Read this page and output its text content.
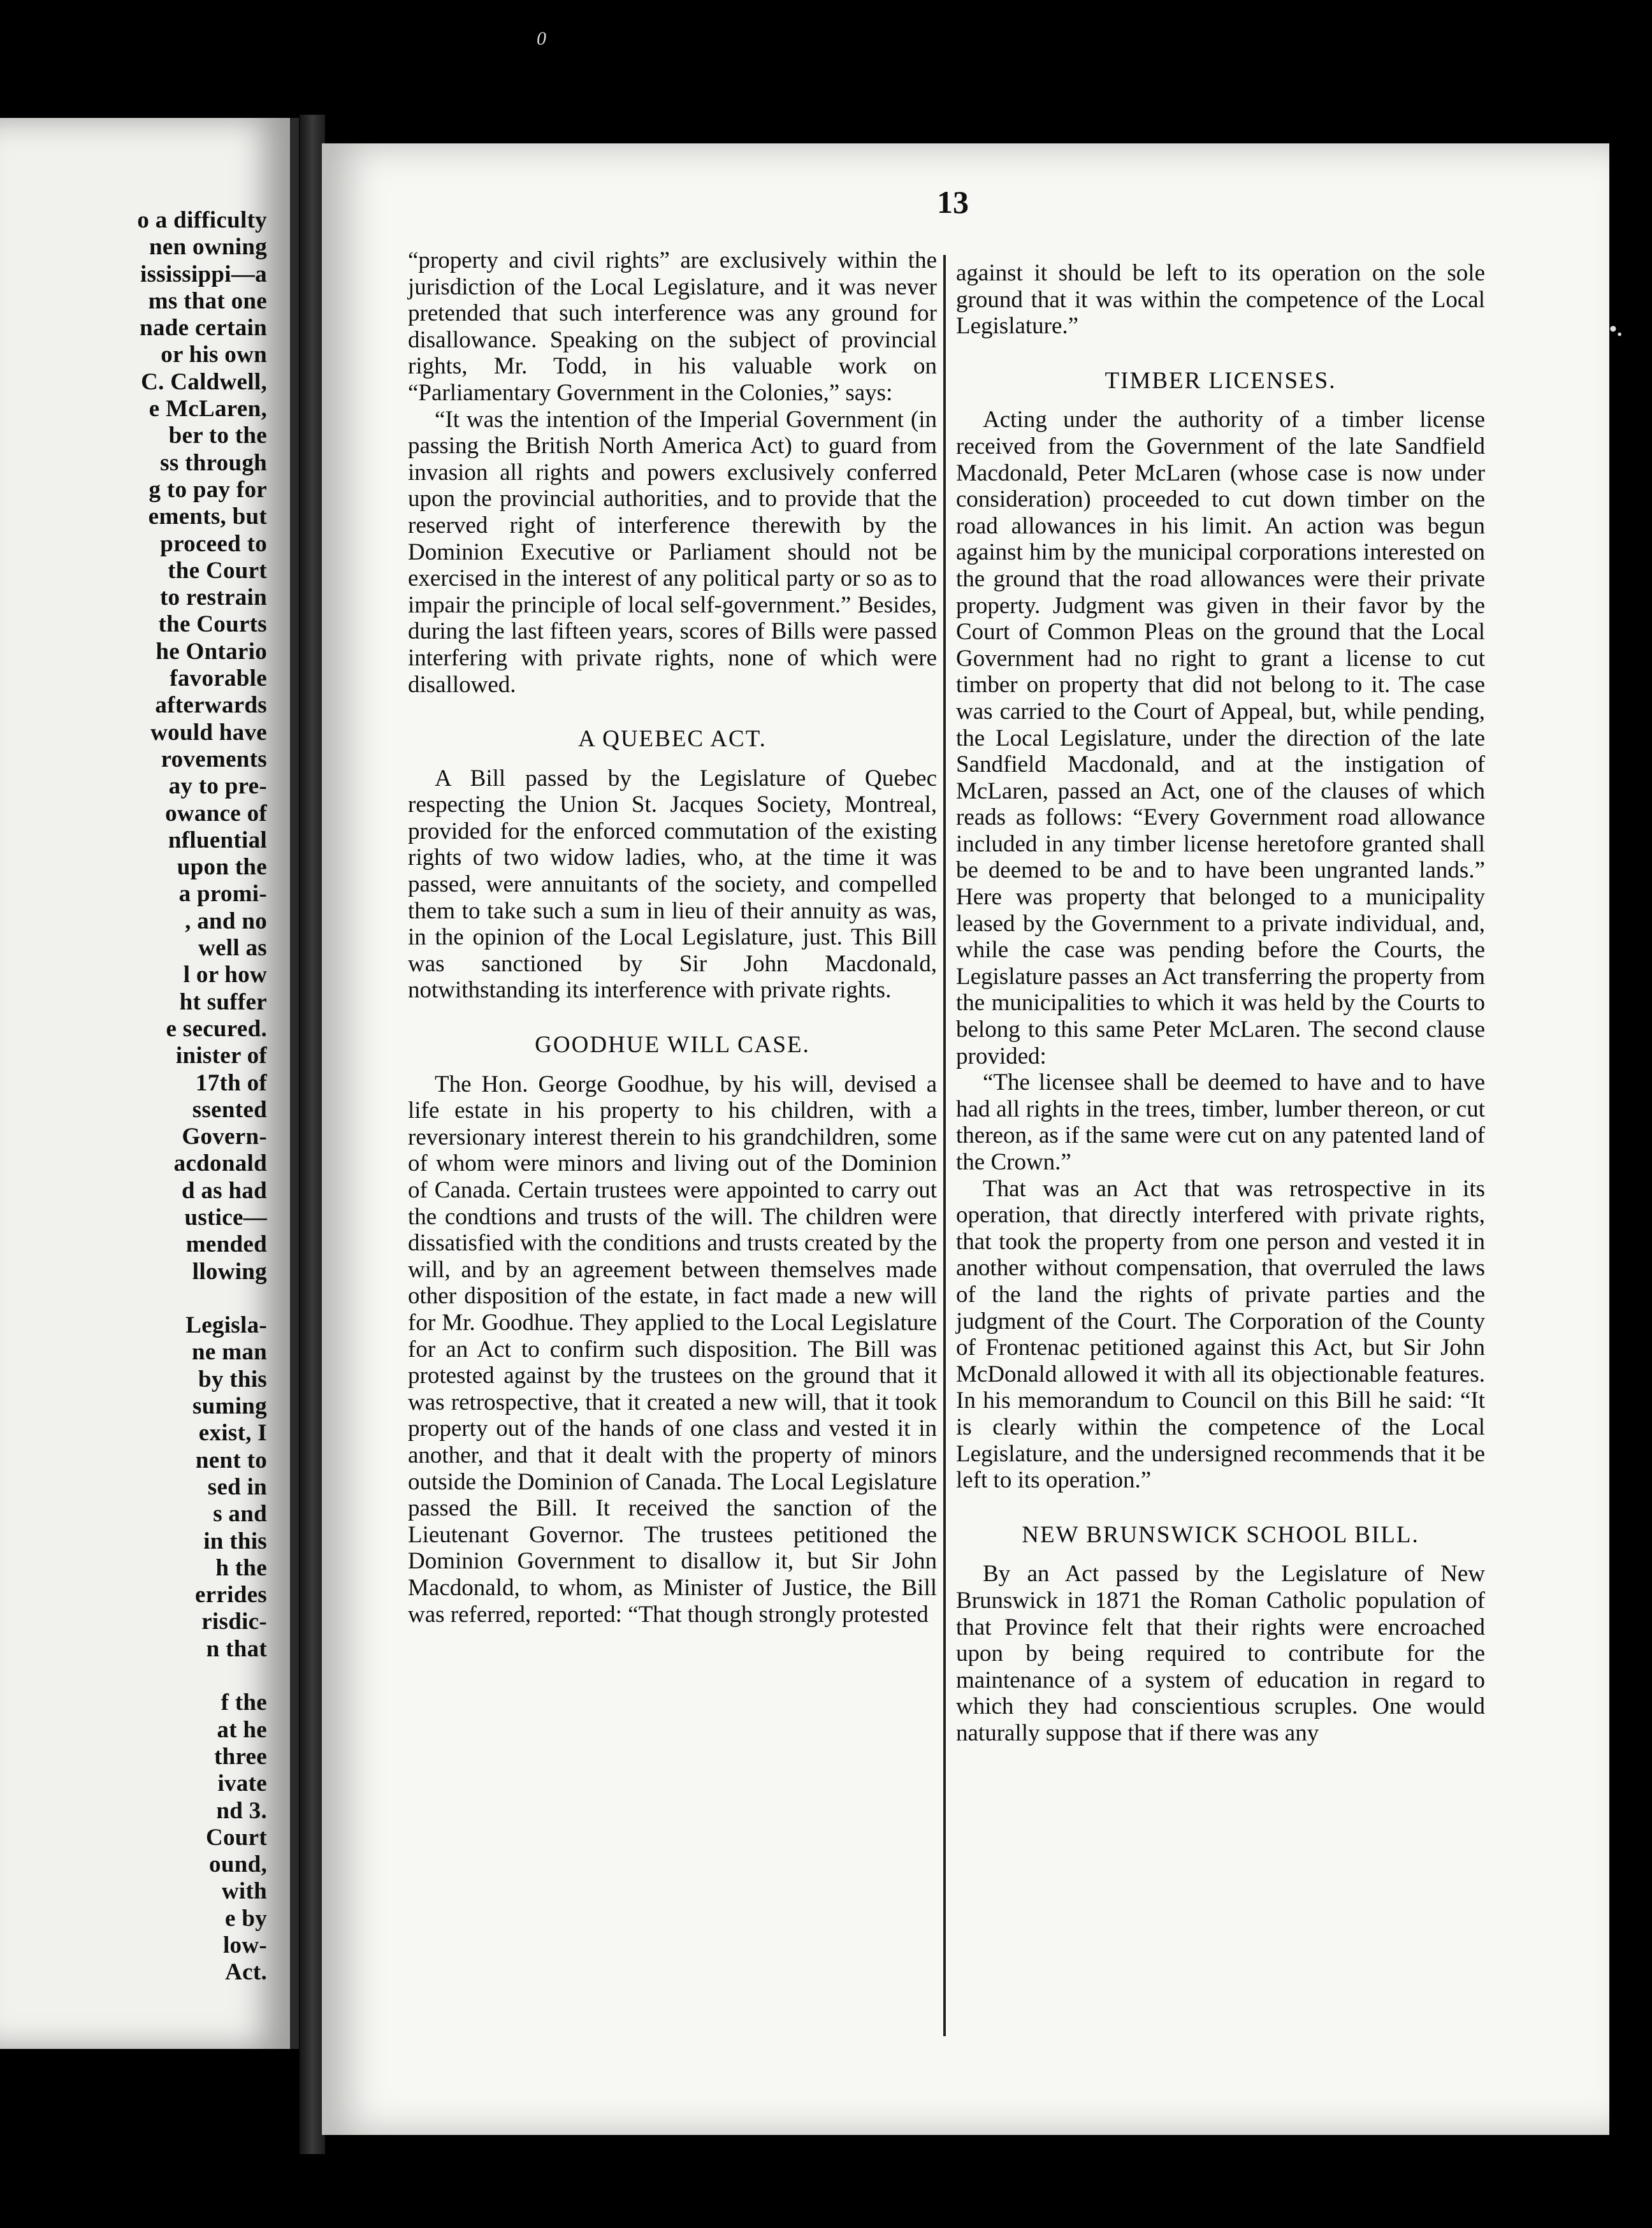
0
•.
o a difficulty
nen owning
ississippi—a
ms that one
nade certain
or his own
C. Caldwell,
e McLaren,
ber to the
ss through
g to pay for
ements, but
proceed to
the Court
to restrain
the Courts
he Ontario
favorable
afterwards
would have
rovements
ay to pre-
owance of
nfluential
upon the
a promi-
, and no
well as
l or how
ht suffer
e secured.
inister of
17th of
ssented
Govern-
acdonald
d as had
ustice—
mended
llowing

Legisla-
ne man
by this
suming
exist, I
nent to
sed in
s and
in this
h the
errides
risdic-
n that

f the
at he
three
ivate
nd 3.
Court
ound,
with
e by
low-
Act.
13

“property and civil rights” are exclusively within the jurisdiction of the Local Legislature, and it was never pretended that such interference was any ground for disallowance. Speaking on the subject of provincial rights, Mr. Todd, in his valuable work on “Parliamentary Government in the Colonies,” says:

“It was the intention of the Imperial Government (in passing the British North America Act) to guard from invasion all rights and powers exclusively conferred upon the provincial authorities, and to provide that the reserved right of interference therewith by the Dominion Executive or Parliament should not be exercised in the interest of any political party or so as to impair the principle of local self-government.” Besides, during the last fifteen years, scores of Bills were passed interfering with private rights, none of which were disallowed.

A QUEBEC ACT.

A Bill passed by the Legislature of Quebec respecting the Union St. Jacques Society, Montreal, provided for the enforced commutation of the existing rights of two widow ladies, who, at the time it was passed, were annuitants of the society, and compelled them to take such a sum in lieu of their annuity as was, in the opinion of the Local Legislature, just. This Bill was sanctioned by Sir John Macdonald, notwithstanding its interference with private rights.

GOODHUE WILL CASE.

The Hon. George Goodhue, by his will, devised a life estate in his property to his children, with a reversionary interest therein to his grandchildren, some of whom were minors and living out of the Dominion of Canada. Certain trustees were appointed to carry out the condtions and trusts of the will. The children were dissatisfied with the conditions and trusts created by the will, and by an agreement between themselves made other disposition of the estate, in fact made a new will for Mr. Goodhue. They applied to the Local Legislature for an Act to confirm such disposition. The Bill was protested against by the trustees on the ground that it was retrospective, that it created a new will, that it took property out of the hands of one class and vested it in another, and that it dealt with the property of minors outside the Dominion of Canada. The Local Legislature passed the Bill. It received the sanction of the Lieutenant Governor. The trustees petitioned the Dominion Government to disallow it, but Sir John Macdonald, to whom, as Minister of Justice, the Bill was referred, reported: “That though strongly protested

against it should be left to its operation on the sole ground that it was within the competence of the Local Legislature.”

TIMBER LICENSES.

Acting under the authority of a timber license received from the Government of the late Sandfield Macdonald, Peter McLaren (whose case is now under consideration) proceeded to cut down timber on the road allowances in his limit. An action was begun against him by the municipal corporations interested on the ground that the road allowances were their private property. Judgment was given in their favor by the Court of Common Pleas on the ground that the Local Government had no right to grant a license to cut timber on property that did not belong to it. The case was carried to the Court of Appeal, but, while pending, the Local Legislature, under the direction of the late Sandfield Macdonald, and at the instigation of McLaren, passed an Act, one of the clauses of which reads as follows: “Every Government road allowance included in any timber license heretofore granted shall be deemed to be and to have been ungranted lands.” Here was property that belonged to a municipality leased by the Government to a private individual, and, while the case was pending before the Courts, the Legislature passes an Act transferring the property from the municipalities to which it was held by the Courts to belong to this same Peter McLaren. The second clause provided:

“The licensee shall be deemed to have and to have had all rights in the trees, timber, lumber thereon, or cut thereon, as if the same were cut on any patented land of the Crown.”

That was an Act that was retrospective in its operation, that directly interfered with private rights, that took the property from one person and vested it in another without compensation, that overruled the laws of the land the rights of private parties and the judgment of the Court. The Corporation of the County of Frontenac petitioned against this Act, but Sir John McDonald allowed it with all its objectionable features. In his memorandum to Council on this Bill he said: “It is clearly within the competence of the Local Legislature, and the undersigned recommends that it be left to its operation.”

NEW BRUNSWICK SCHOOL BILL.

By an Act passed by the Legislature of New Brunswick in 1871 the Roman Catholic population of that Province felt that their rights were encroached upon by being required to contribute for the maintenance of a system of education in regard to which they had conscientious scruples. One would naturally suppose that if there was any
